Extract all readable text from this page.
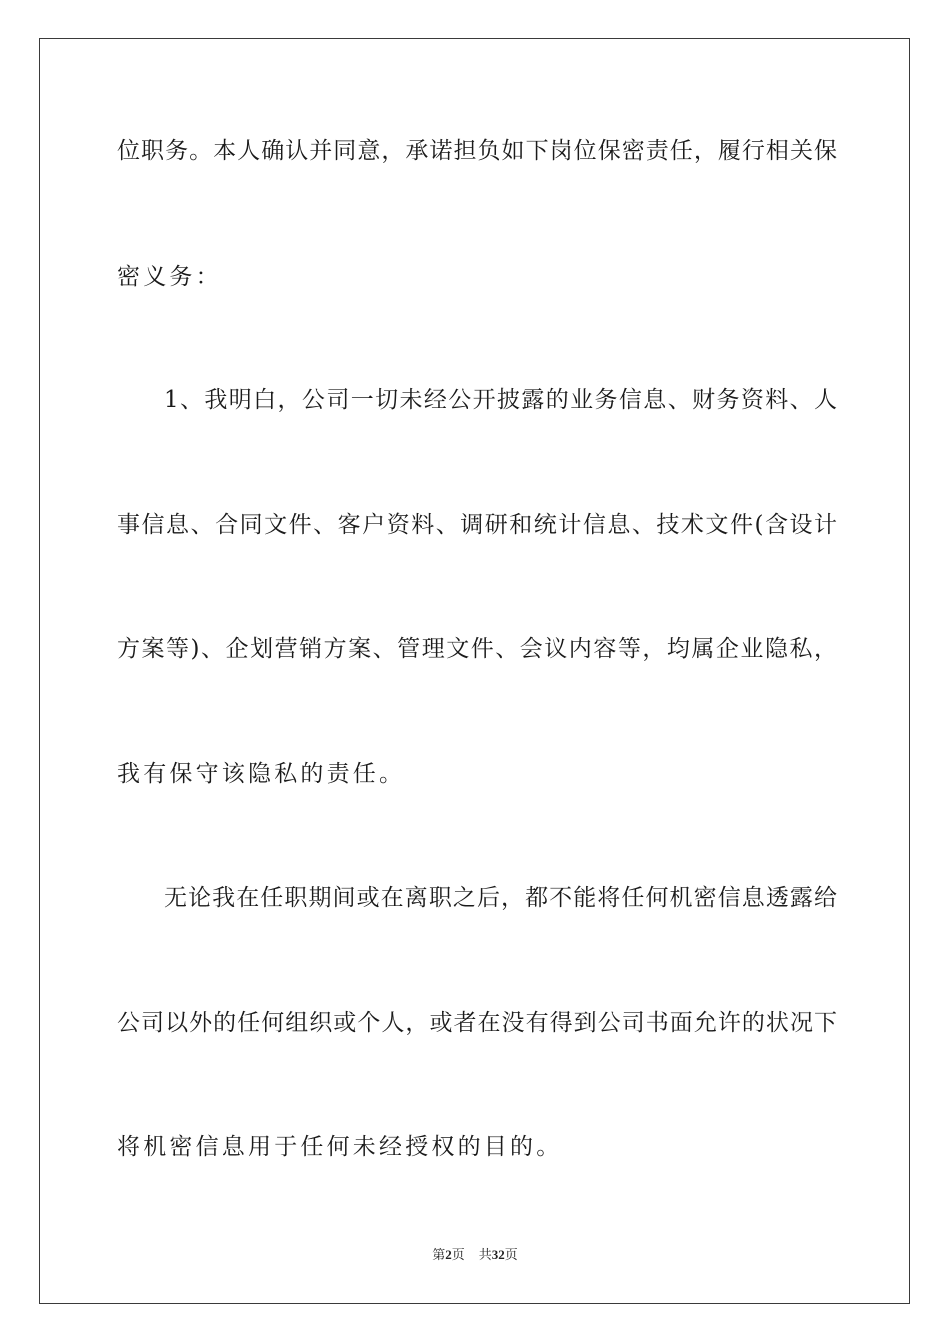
位职务。本人确认并同意，承诺担负如下岗位保密责任，履行相关保
密义务：
1、我明白，公司一切未经公开披露的业务信息、财务资料、人
事信息、合同文件、客户资料、调研和统计信息、技术文件(含设计
方案等)、企划营销方案、管理文件、会议内容等，均属企业隐私，
我有保守该隐私的责任。
无论我在任职期间或在离职之后，都不能将任何机密信息透露给
公司以外的任何组织或个人，或者在没有得到公司书面允许的状况下
将机密信息用于任何未经授权的目的。
第2页 共32页
